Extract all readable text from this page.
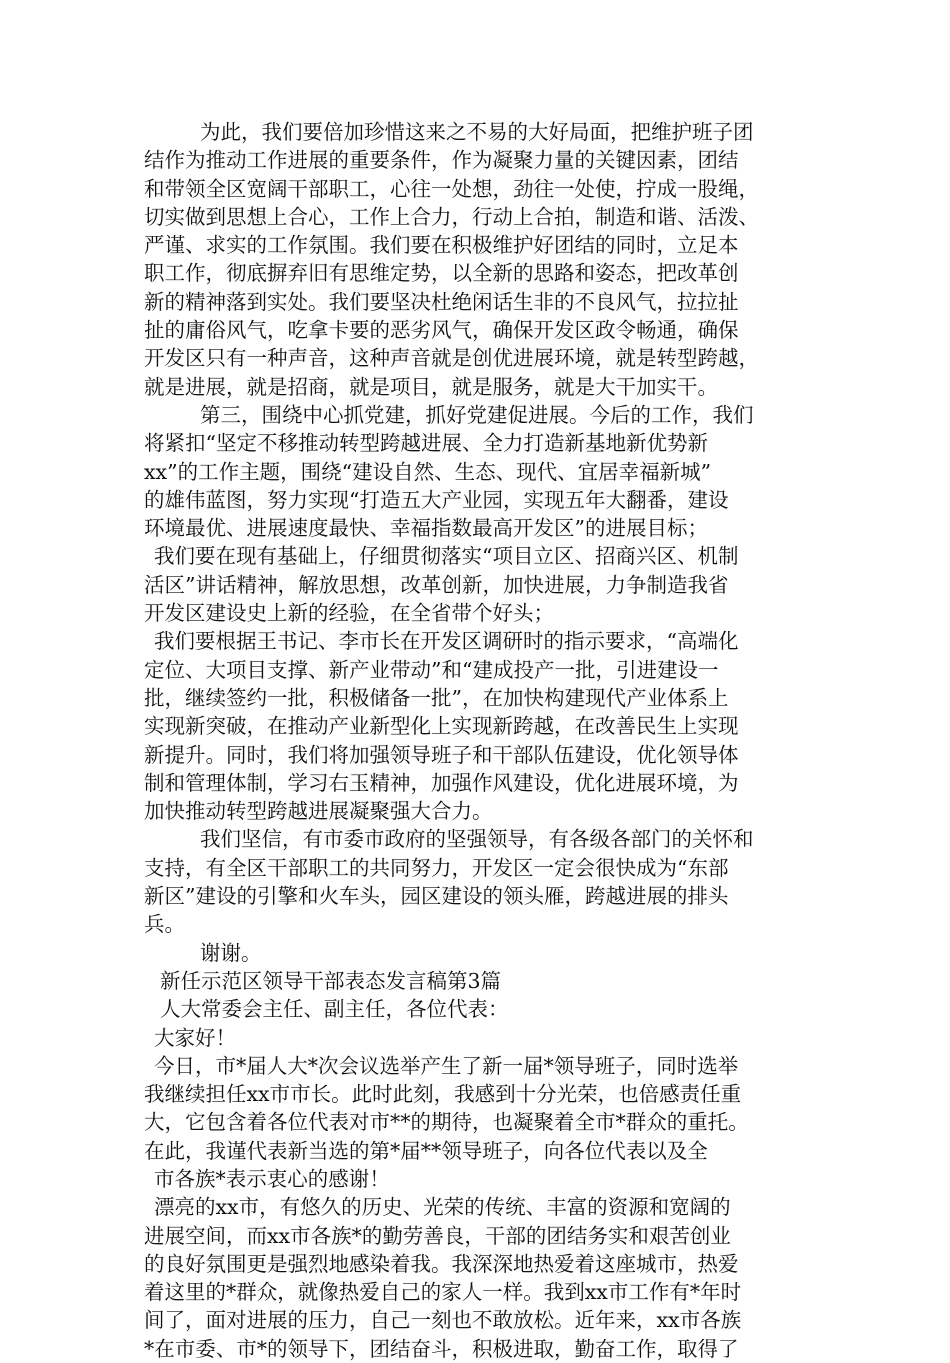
为此，我们要倍加珍惜这来之不易的大好局面，把维护班子团
结作为推动工作进展的重要条件，作为凝聚力量的关键因素，团结
和带领全区宽阔干部职工，心往一处想，劲往一处使，拧成一股绳，
切实做到思想上合心，工作上合力，行动上合拍，制造和谐、活泼、
严谨、求实的工作氛围。我们要在积极维护好团结的同时，立足本
职工作，彻底摒弃旧有思维定势，以全新的思路和姿态，把改革创
新的精神落到实处。我们要坚决杜绝闲话生非的不良风气，拉拉扯
扯的庸俗风气，吃拿卡要的恶劣风气，确保开发区政令畅通，确保
开发区只有一种声音，这种声音就是创优进展环境，就是转型跨越，
就是进展，就是招商，就是项目，就是服务，就是大干加实干。
第三，围绕中心抓党建，抓好党建促进展。今后的工作，我们
将紧扣“坚定不移推动转型跨越进展、全力打造新基地新优势新
xx”的工作主题，围绕“建设自然、生态、现代、宜居幸福新城”
的雄伟蓝图，努力实现“打造五大产业园，实现五年大翻番，建设
环境最优、进展速度最快、幸福指数最高开发区”的进展目标；
我们要在现有基础上，仔细贯彻落实“项目立区、招商兴区、机制
活区”讲话精神，解放思想，改革创新，加快进展，力争制造我省
开发区建设史上新的经验，在全省带个好头；
我们要根据王书记、李市长在开发区调研时的指示要求，“高端化
定位、大项目支撑、新产业带动”和“建成投产一批，引进建设一
批，继续签约一批，积极储备一批”，在加快构建现代产业体系上
实现新突破，在推动产业新型化上实现新跨越，在改善民生上实现
新提升。同时，我们将加强领导班子和干部队伍建设，优化领导体
制和管理体制，学习右玉精神，加强作风建设，优化进展环境，为
加快推动转型跨越进展凝聚强大合力。
我们坚信，有市委市政府的坚强领导，有各级各部门的关怀和
支持，有全区干部职工的共同努力，开发区一定会很快成为“东部
新区”建设的引擎和火车头，园区建设的领头雁，跨越进展的排头
兵。
谢谢。
新任示范区领导干部表态发言稿第3篇
人大常委会主任、副主任，各位代表：
大家好！
今日，市*届人大*次会议选举产生了新一届*领导班子，同时选举
我继续担任xx市市长。此时此刻，我感到十分光荣，也倍感责任重
大，它包含着各位代表对市**的期待，也凝聚着全市*群众的重托。
在此，我谨代表新当选的第*届**领导班子，向各位代表以及全
市各族*表示衷心的感谢！
漂亮的xx市，有悠久的历史、光荣的传统、丰富的资源和宽阔的
进展空间，而xx市各族*的勤劳善良，干部的团结务实和艰苦创业
的良好氛围更是强烈地感染着我。我深深地热爱着这座城市，热爱
着这里的*群众，就像热爱自己的家人一样。我到xx市工作有*年时
间了，面对进展的压力，自己一刻也不敢放松。近年来，xx市各族
*在市委、市*的领导下，团结奋斗，积极进取，勤奋工作，取得了
